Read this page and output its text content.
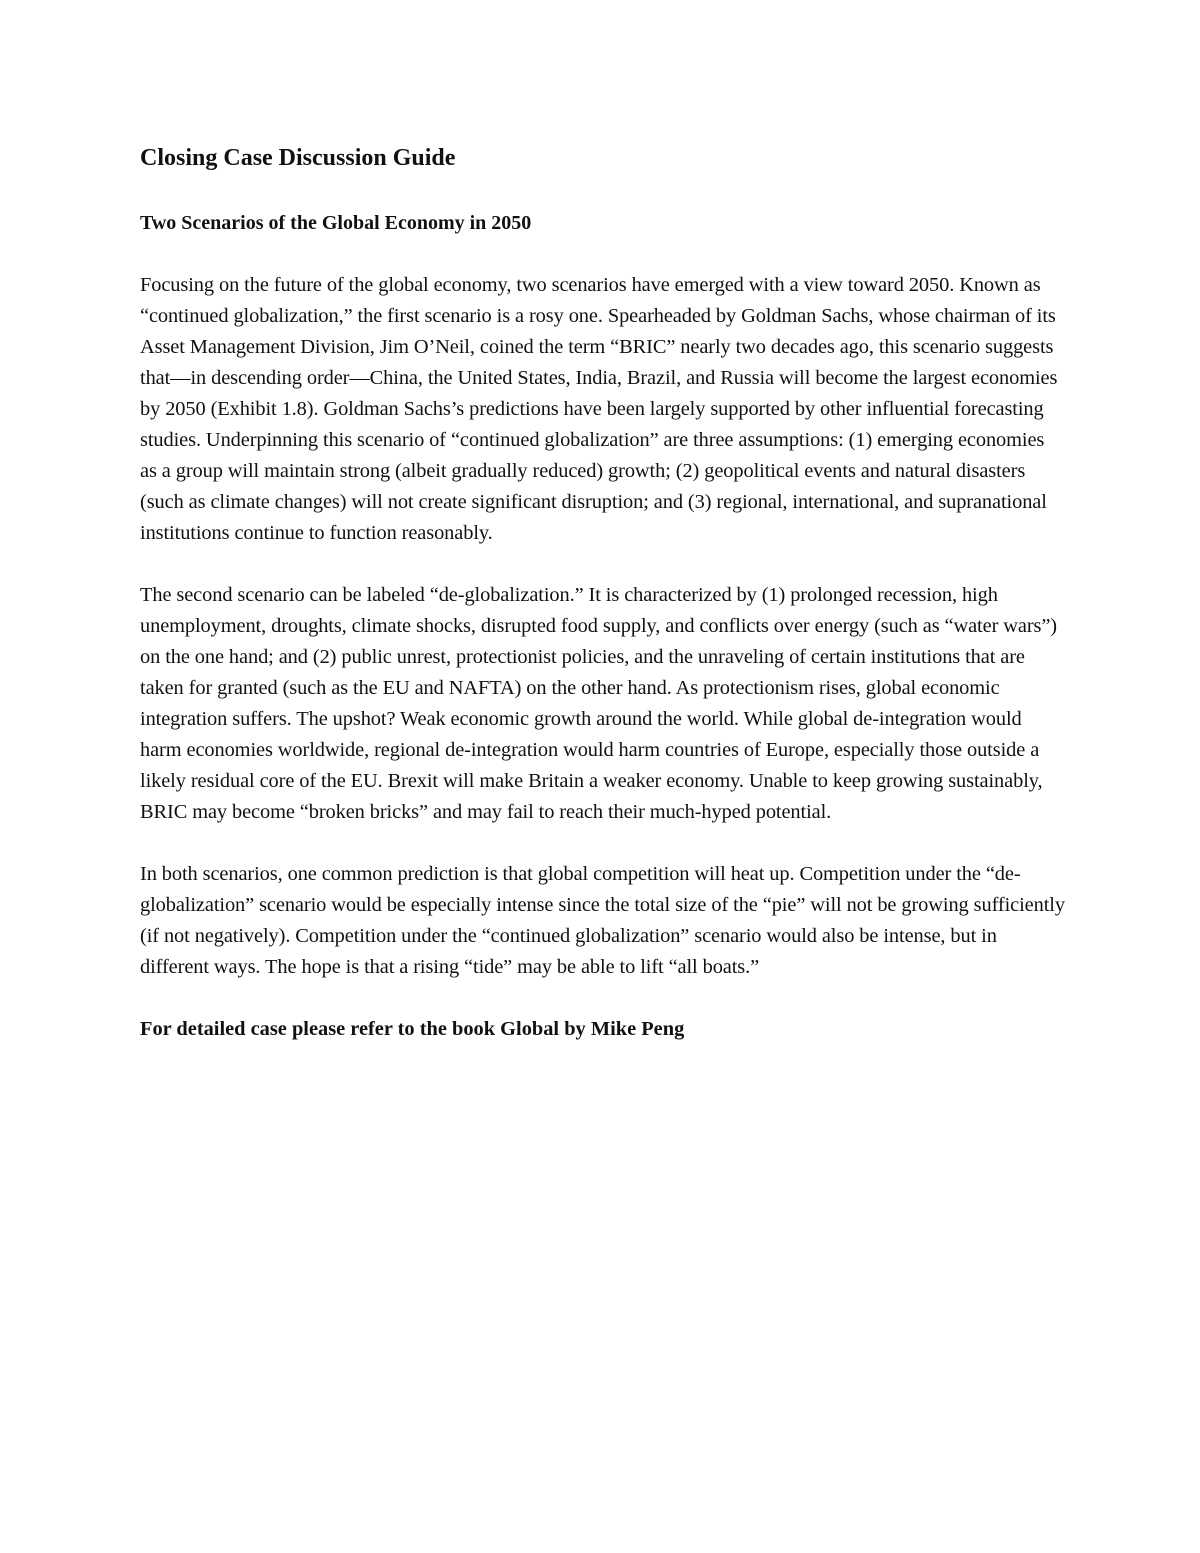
Closing Case Discussion Guide
Two Scenarios of the Global Economy in 2050

Focusing on the future of the global economy, two scenarios have emerged with a view toward 2050. Known as “continued globalization,” the first scenario is a rosy one. Spearheaded by Goldman Sachs, whose chairman of its Asset Management Division, Jim O’Neil, coined the term “BRIC” nearly two decades ago, this scenario suggests that—in descending order—China, the United States, India, Brazil, and Russia will become the largest economies by 2050 (Exhibit 1.8). Goldman Sachs’s predictions have been largely supported by other influential forecasting studies. Underpinning this scenario of “continued globalization” are three assumptions: (1) emerging economies as a group will maintain strong (albeit gradually reduced) growth; (2) geopolitical events and natural disasters (such as climate changes) will not create significant disruption; and (3) regional, international, and supranational institutions continue to function reasonably.

The second scenario can be labeled “de-globalization.” It is characterized by (1) prolonged recession, high unemployment, droughts, climate shocks, disrupted food supply, and conflicts over energy (such as “water wars”) on the one hand; and (2) public unrest, protectionist policies, and the unraveling of certain institutions that are taken for granted (such as the EU and NAFTA) on the other hand. As protectionism rises, global economic integration suffers. The upshot? Weak economic growth around the world. While global de-integration would harm economies worldwide, regional de-integration would harm countries of Europe, especially those outside a likely residual core of the EU. Brexit will make Britain a weaker economy. Unable to keep growing sustainably, BRIC may become “broken bricks” and may fail to reach their much-hyped potential.

In both scenarios, one common prediction is that global competition will heat up. Competition under the “de-globalization” scenario would be especially intense since the total size of the “pie” will not be growing sufficiently (if not negatively). Competition under the “continued globalization” scenario would also be intense, but in different ways. The hope is that a rising “tide” may be able to lift “all boats.”

For detailed case please refer to the book Global by Mike Peng
